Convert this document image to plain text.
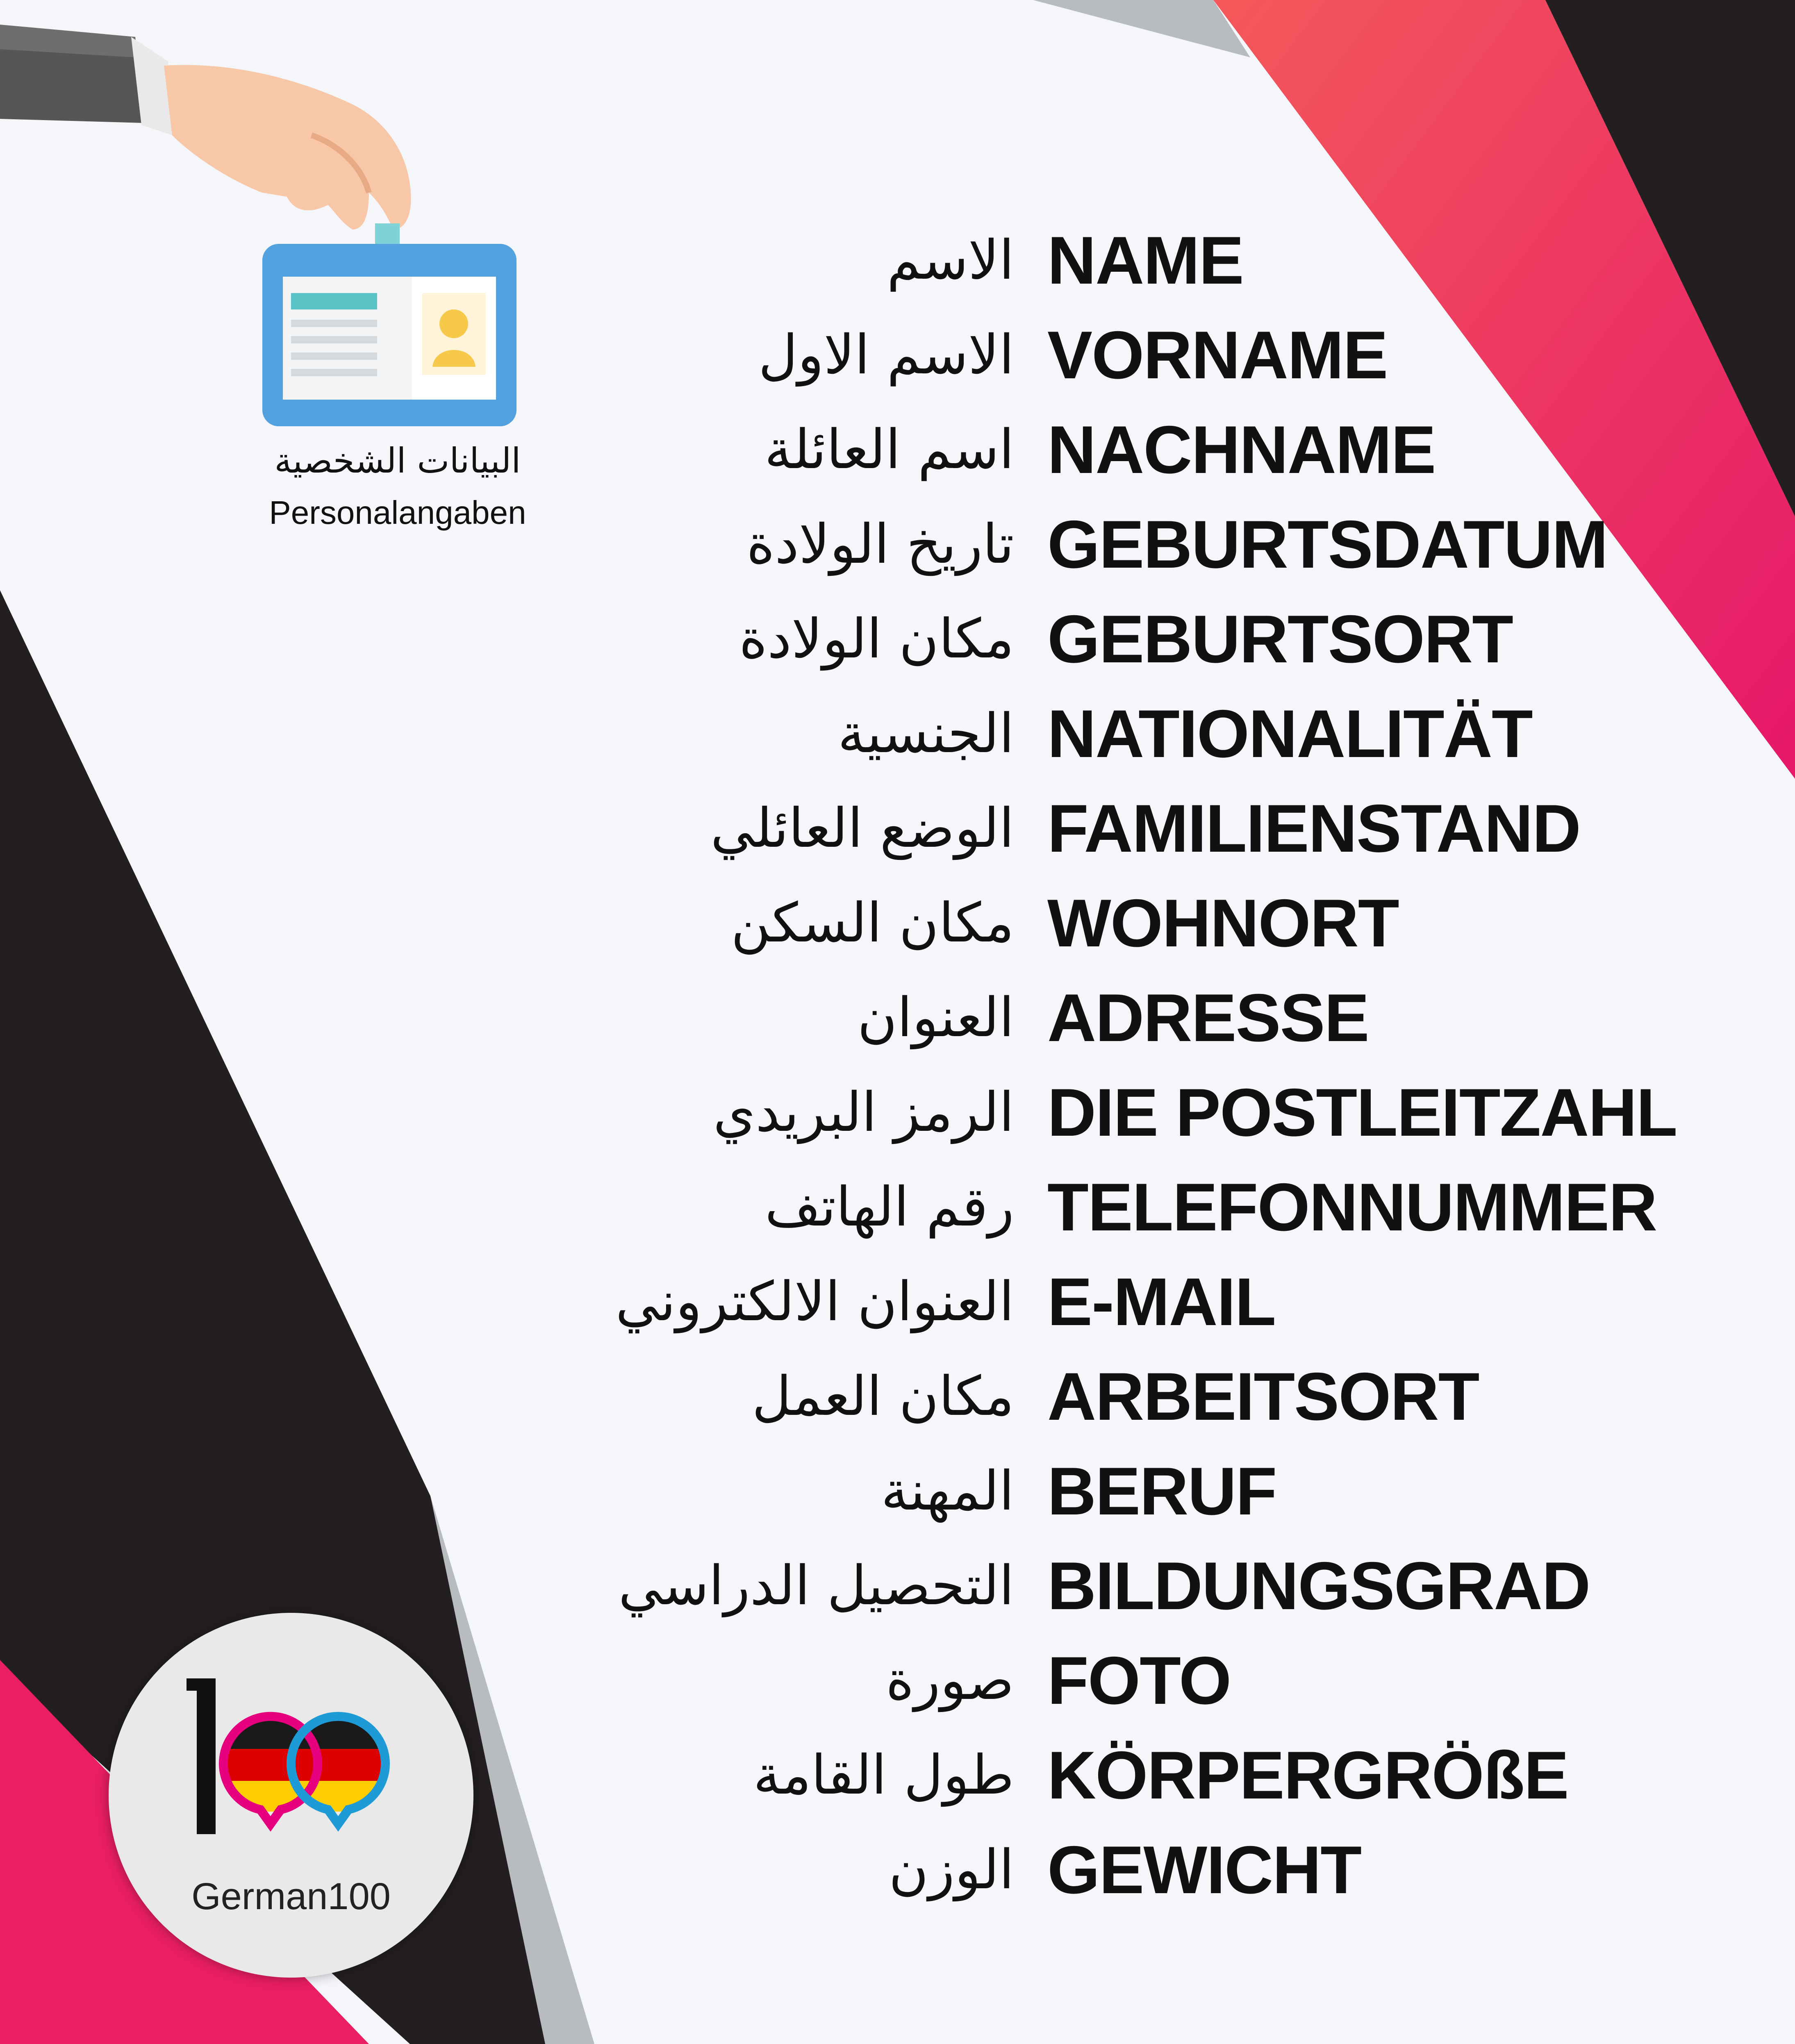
البيانات الشخصية
Personalangaben
الاسم NAME
الاسم الاول VORNAME
اسم العائلة NACHNAME
تاريخ الولادة GEBURTSDATUM
مكان الولادة GEBURTSORT
الجنسية NATIONALITÄT
الوضع العائلي FAMILIENSTAND
مكان السكن WOHNORT
العنوان ADRESSE
الرمز البريدي DIE POSTLEITZAHL
رقم الهاتف TELEFONNUMMER
العنوان الالكتروني E-MAIL
مكان العمل ARBEITSORT
المهنة BERUF
التحصيل الدراسي BILDUNGSGRAD
صورة FOTO
طول القامة KÖRPERGRÖßE
الوزن GEWICHT
German100
